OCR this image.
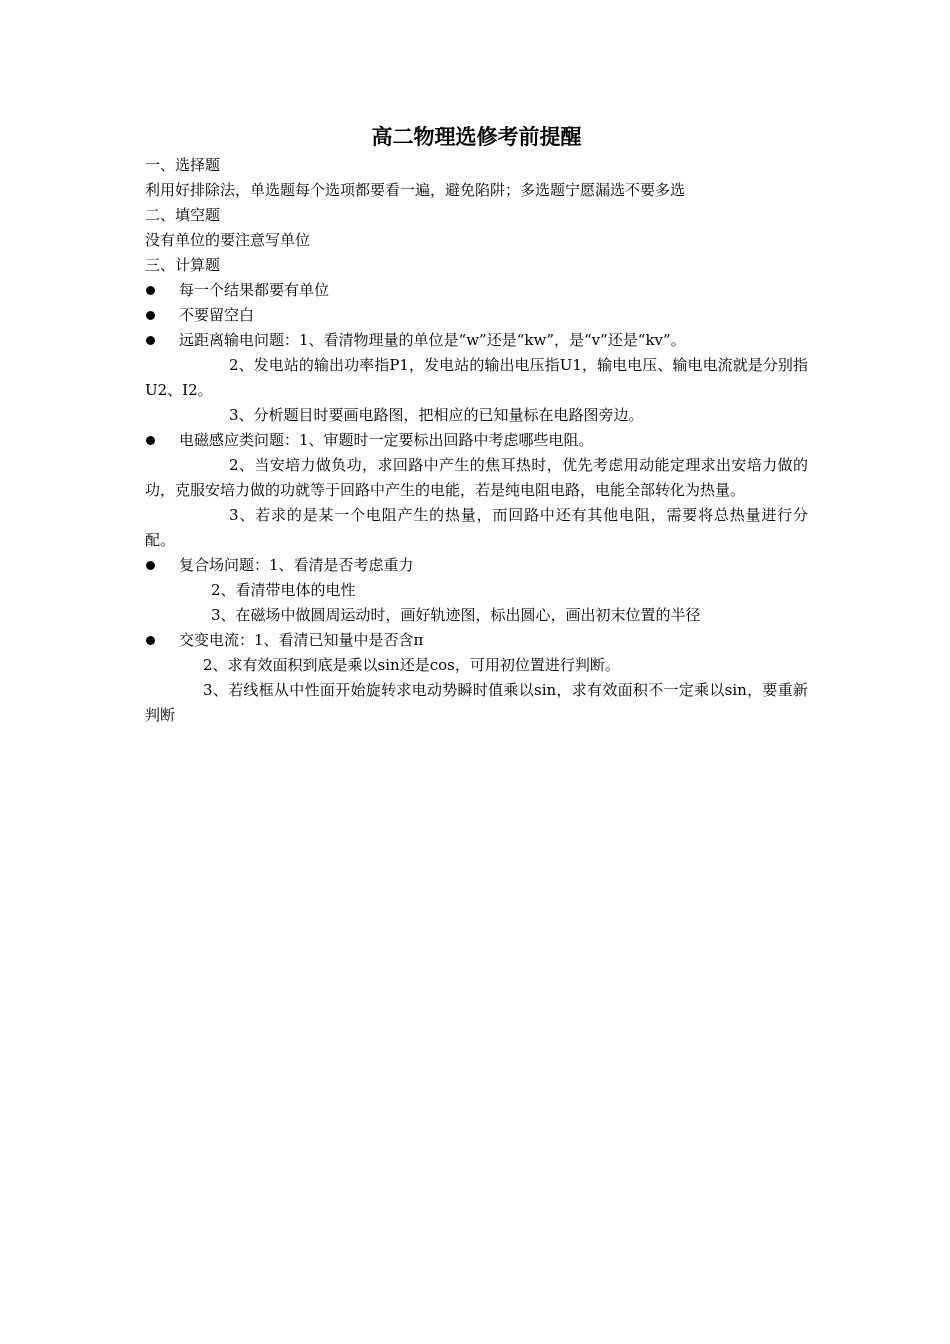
高二物理选修考前提醒
一、选择题
利用好排除法，单选题每个选项都要看一遍，避免陷阱；多选题宁愿漏选不要多选
二、填空题
没有单位的要注意写单位
三、计算题
每一个结果都要有单位
不要留空白
远距离输电问题：1、看清物理量的单位是“w”还是“kw”，是“v”还是“kv”。
2、发电站的输出功率指P1，发电站的输出电压指U1，输电电压、输电电流就是分别指U2、I2。
3、分析题目时要画电路图，把相应的已知量标在电路图旁边。
电磁感应类问题：1、审题时一定要标出回路中考虑哪些电阻。
2、当安培力做负功，求回路中产生的焦耳热时，优先考虑用动能定理求出安培力做的功，克服安培力做的功就等于回路中产生的电能，若是纯电阻电路，电能全部转化为热量。
3、若求的是某一个电阻产生的热量，而回路中还有其他电阻，需要将总热量进行分配。
复合场问题：1、看清是否考虑重力
2、看清带电体的电性
3、在磁场中做圆周运动时，画好轨迹图，标出圆心，画出初末位置的半径
交变电流：1、看清已知量中是否含π
2、求有效面积到底是乘以sin还是cos，可用初位置进行判断。
3、若线框从中性面开始旋转求电动势瞬时值乘以sin，求有效面积不一定乘以sin，要重新判断
